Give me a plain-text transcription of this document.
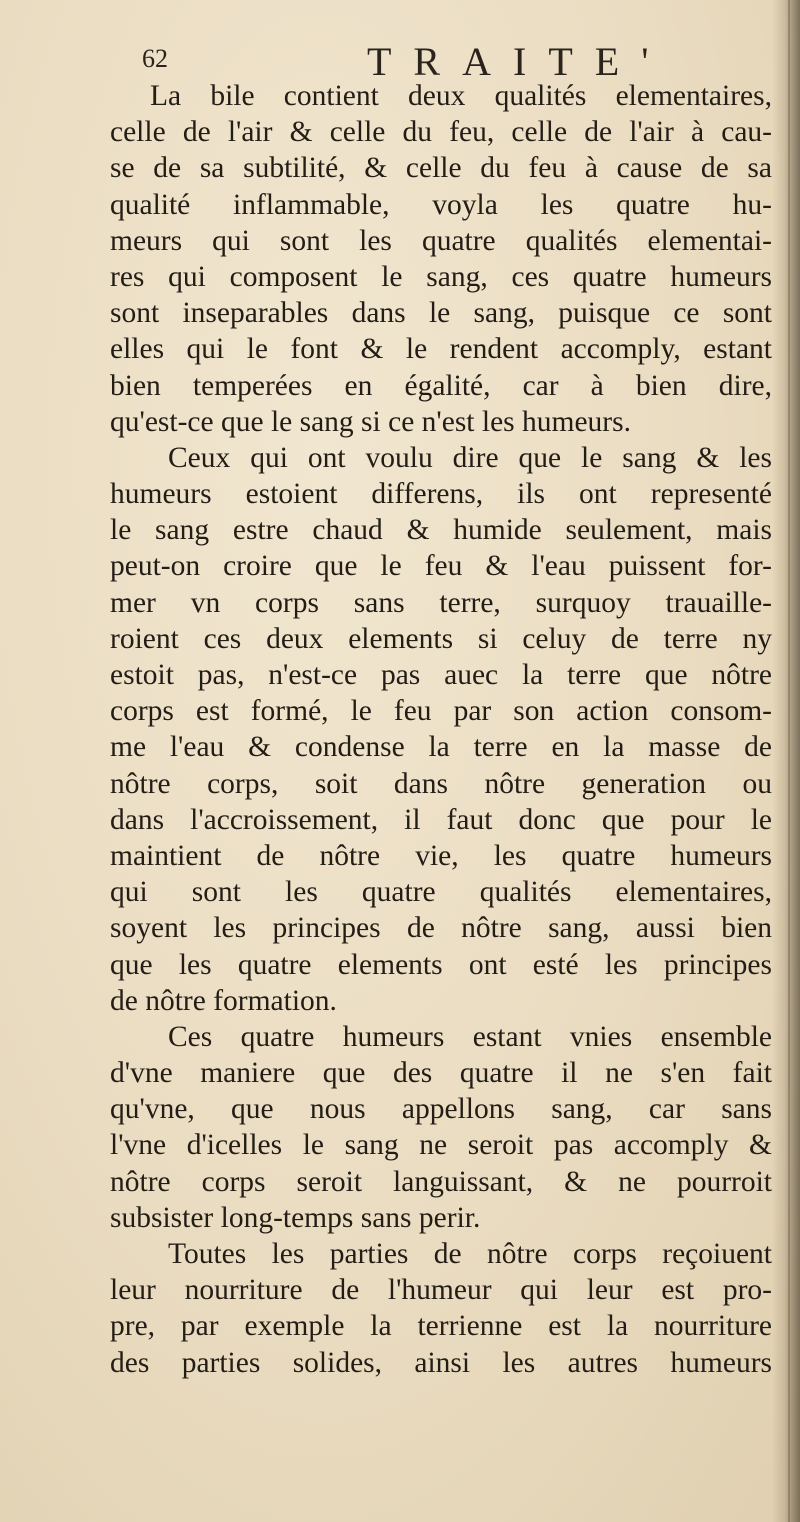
62	TRAITE'
La bile contient deux qualités elementaires,
celle de l'air & celle du feu, celle de l'air à cau-
se de sa subtilité, & celle du feu à cause de sa
qualité inflammable, voyla les quatre hu-
meurs qui sont les quatre qualités elementai-
res qui composent le sang, ces quatre humeurs
sont inseparables dans le sang, puisque ce sont
elles qui le font & le rendent accomply, estant
bien temperées en égalité, car à bien dire,
qu'est-ce que le sang si ce n'est les humeurs.
Ceux qui ont voulu dire que le sang & les
humeurs estoient differens, ils ont representé
le sang estre chaud & humide seulement, mais
peut-on croire que le feu & l'eau puissent for-
mer vn corps sans terre, surquoy trauaille-
roient ces deux elements si celuy de terre ny
estoit pas, n'est-ce pas auec la terre que nôtre
corps est formé, le feu par son action consom-
me l'eau & condense la terre en la masse de
nôtre corps, soit dans nôtre generation ou
dans l'accroissement, il faut donc que pour le
maintient de nôtre vie, les quatre humeurs
qui sont les quatre qualités elementaires,
soyent les principes de nôtre sang, aussi bien
que les quatre elements ont esté les principes
de nôtre formation.
Ces quatre humeurs estant vnies ensemble
d'vne maniere que des quatre il ne s'en fait
qu'vne, que nous appellons sang, car sans
l'vne d'icelles le sang ne seroit pas accomply &
nôtre corps seroit languissant, & ne pourroit
subsister long-temps sans perir.
Toutes les parties de nôtre corps reçoiuent
leur nourriture de l'humeur qui leur est pro-
pre, par exemple la terrienne est la nourriture
des parties solides, ainsi les autres humeurs
